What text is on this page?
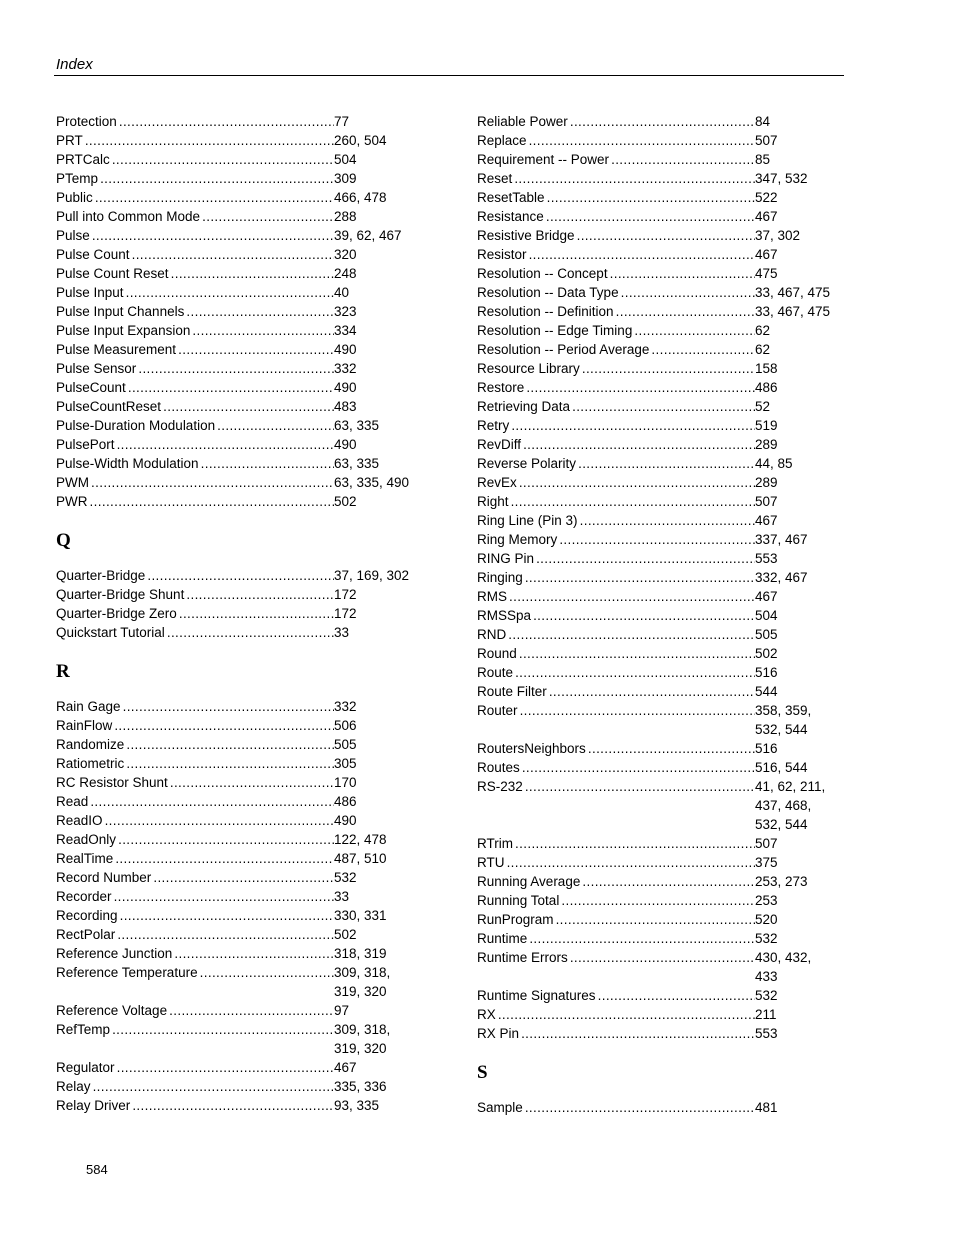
Index
Protection . . .	77
PRT . . .	260, 504
PRTCalc . . .	504
PTemp . . .	309
Public . . .	466, 478
Pull into Common Mode . . .	288
Pulse . . .	39, 62, 467
Pulse Count . . .	320
Pulse Count Reset . . .	248
Pulse Input . . .	40
Pulse Input Channels . . .	323
Pulse Input Expansion . . .	334
Pulse Measurement . . .	490
Pulse Sensor . . .	332
PulseCount . . .	490
PulseCountReset . . .	483
Pulse-Duration Modulation . . .	63, 335
PulsePort . . .	490
Pulse-Width Modulation . . .	63, 335
PWM . . .	63, 335, 490
PWR . . .	502
Q
Quarter-Bridge . . .	37, 169, 302
Quarter-Bridge Shunt . . .	172
Quarter-Bridge Zero . . .	172
Quickstart Tutorial . . .	33
R
Rain Gage . . .	332
RainFlow . . .	506
Randomize . . .	505
Ratiometric . . .	305
RC Resistor Shunt . . .	170
Read . . .	486
ReadIO . . .	490
ReadOnly . . .	122, 478
RealTime . . .	487, 510
Record Number . . .	532
Recorder . . .	33
Recording . . .	330, 331
RectPolar . . .	502
Reference Junction . . .	318, 319
Reference Temperature . . .	309, 318, 319, 320
Reference Voltage . . .	97
RefTemp . . .	309, 318, 319, 320
Regulator . . .	467
Relay . . .	335, 336
Relay Driver . . .	93, 335
Reliable Power . . .	84
Replace . . .	507
Requirement -- Power . . .	85
Reset . . .	347, 532
ResetTable . . .	522
Resistance . . .	467
Resistive Bridge . . .	37, 302
Resistor . . .	467
Resolution -- Concept . . .	475
Resolution -- Data Type . . .	33, 467, 475
Resolution -- Definition . . .	33, 467, 475
Resolution -- Edge Timing . . .	62
Resolution -- Period Average . . .	62
Resource Library . . .	158
Restore . . .	486
Retrieving Data . . .	52
Retry . . .	519
RevDiff . . .	289
Reverse Polarity . . .	44, 85
RevEx . . .	289
Right . . .	507
Ring Line (Pin 3) . . .	467
Ring Memory . . .	337, 467
RING Pin . . .	553
Ringing . . .	332, 467
RMS . . .	467
RMSSpa . . .	504
RND . . .	505
Round . . .	502
Route . . .	516
Route Filter . . .	544
Router . . .	358, 359, 532, 544
RoutersNeighbors . . .	516
Routes . . .	516, 544
RS-232 . . .	41, 62, 211, 437, 468, 532, 544
RTrim . . .	507
RTU . . .	375
Running Average . . .	253, 273
Running Total . . .	253
RunProgram . . .	520
Runtime . . .	532
Runtime Errors . . .	430, 432, 433
Runtime Signatures . . .	532
RX . . .	211
RX Pin . . .	553
S
Sample . . .	481
584
